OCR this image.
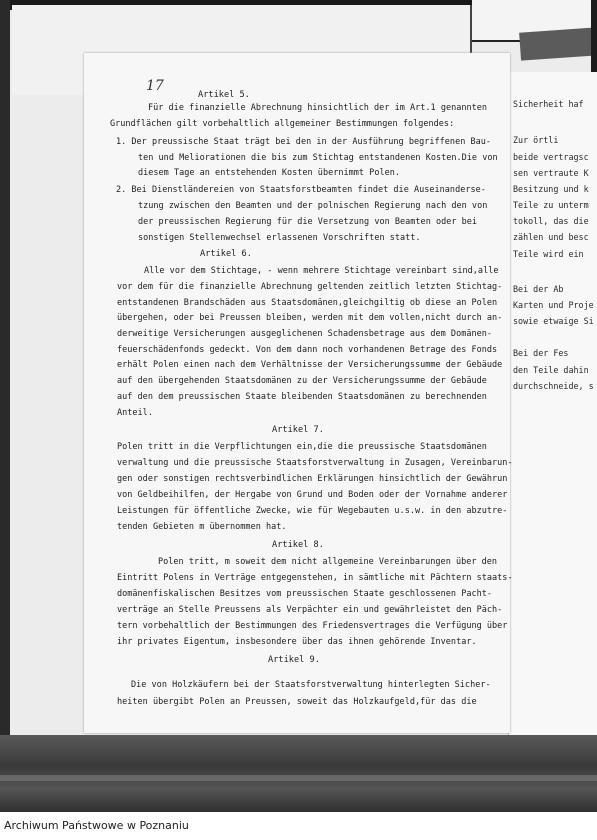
Sicherheit haf
Zur örtli
beide vertragsc
sen vertraute K
Besitzung und k
Teile zu unterm
tokoll, das die
zählen und besc
Teile wird ein
Bei der Ab
Karten und Proje
sowie etwaige Si
Bei der Fes
den Teile dahin
durchschneide, s
Artikel 5.
Für die finanzielle Abrechnung hinsichtlich der im Art.1 genannten
Grundflächen gilt vorbehaltlich allgemeiner Bestimmungen folgendes:
1. Der preussische Staat trägt bei den in der Ausführung begriffenen Bau-
ten und Meliorationen die bis zum Stichtag entstandenen Kosten.Die von
diesem Tage an entstehenden Kosten übernimmt Polen.
2. Bei Dienstländereien von Staatsforstbeamten findet die Auseinanderse-
tzung zwischen den Beamten und der polnischen Regierung nach den von
der preussischen Regierung für die Versetzung von Beamten oder bei
sonstigen Stellenwechsel erlassenen Vorschriften statt.
Artikel 6.
Alle vor dem Stichtage, - wenn mehrere Stichtage vereinbart sind,alle
vor dem für die finanzielle Abrechnung geltenden zeitlich letzten Stichtag-
entstandenen Brandschäden aus Staatsdomänen,gleichgiltig ob diese an Polen
übergehen, oder bei Preussen bleiben, werden mit dem vollen,nicht durch an-
derweitige Versicherungen ausgeglichenen Schadensbetrage aus dem Domänen-
feuerschädenfonds gedeckt. Von dem dann noch vorhandenen Betrage des Fonds
erhält Polen einen nach dem Verhältnisse der Versicherungssumme der Gebäude
auf den übergehenden Staatsdomänen zu der Versicherungssumme der Gebäude
auf den dem preussischen Staate bleibenden Staatsdomänen zu berechnenden
Anteil.
Artikel 7.
Polen tritt in die Verpflichtungen ein,die die preussische Staatsdomänen
verwaltung und die preussische Staatsforstverwaltung in Zusagen, Vereinbarun-
gen oder sonstigen rechtsverbindlichen Erklärungen hinsichtlich der Gewährun
von Geldbeihilfen, der Hergabe von Grund und Boden oder der Vornahme anderer
Leistungen für öffentliche Zwecke, wie für Wegebauten u.s.w. in den abzutre-
tenden Gebieten m übernommen hat.
Artikel 8.
Polen tritt, m soweit dem nicht allgemeine Vereinbarungen über den
Eintritt Polens in Verträge entgegenstehen, in sämtliche mit Pächtern staats-
domänenfiskalischen Besitzes vom preussischen Staate geschlossenen Pacht-
verträge an Stelle Preussens als Verpächter ein und gewährleistet den Päch-
tern vorbehaltlich der Bestimmungen des Friedensvertrages die Verfügung über
ihr privates Eigentum, insbesondere über das ihnen gehörende Inventar.
Artikel 9.
Die von Holzkäufern bei der Staatsforstverwaltung hinterlegten Sicher-
heiten übergibt Polen an Preussen, soweit das Holzkaufgeld,für das die
17
Archiwum Państwowe w Poznaniu
